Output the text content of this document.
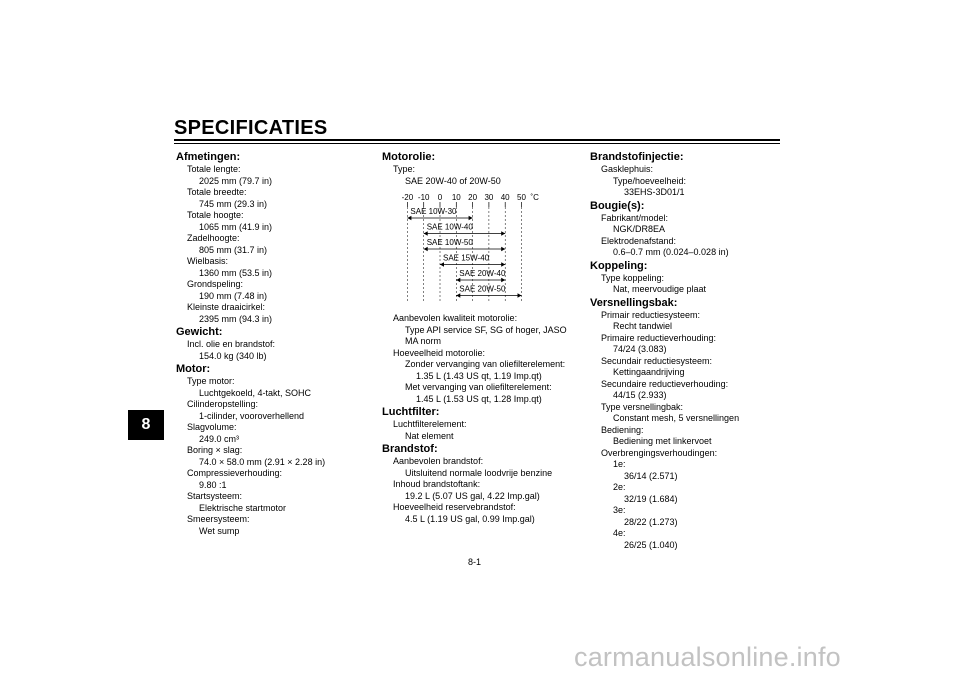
SPECIFICATIES
8
Afmetingen:
Totale lengte:
2025 mm (79.7 in)
Totale breedte:
745 mm (29.3 in)
Totale hoogte:
1065 mm (41.9 in)
Zadelhoogte:
805 mm (31.7 in)
Wielbasis:
1360 mm (53.5 in)
Grondspeling:
190 mm (7.48 in)
Kleinste draaicirkel:
2395 mm (94.3 in)
Gewicht:
Incl. olie en brandstof:
154.0 kg (340 lb)
Motor:
Type motor:
Luchtgekoeld, 4-takt, SOHC
Cilinderopstelling:
1-cilinder, vooroverhellend
Slagvolume:
249.0 cm³
Boring × slag:
74.0 × 58.0 mm (2.91 × 2.28 in)
Compressieverhouding:
9.80 :1
Startsysteem:
Elektrische startmotor
Smeersysteem:
Wet sump
Motorolie:
Type:
SAE 20W-40 of 20W-50
-20 -10 0 10 20 30 40 50 ˚C
SAE 10W-30
SAE 10W-40
SAE 10W-50
SAE 15W-40
SAE 20W-40
SAE 20W-50
Aanbevolen kwaliteit motorolie:
Type API service SF, SG of hoger, JASO
MA norm
Hoeveelheid motorolie:
Zonder vervanging van oliefilterelement:
1.35 L (1.43 US qt, 1.19 Imp.qt)
Met vervanging van oliefilterelement:
1.45 L (1.53 US qt, 1.28 Imp.qt)
Luchtfilter:
Luchtfilterelement:
Nat element
Brandstof:
Aanbevolen brandstof:
Uitsluitend normale loodvrije benzine
Inhoud brandstoftank:
19.2 L (5.07 US gal, 4.22 Imp.gal)
Hoeveelheid reservebrandstof:
4.5 L (1.19 US gal, 0.99 Imp.gal)
Brandstofinjectie:
Gasklephuis:
Type/hoeveelheid:
33EHS-3D01/1
Bougie(s):
Fabrikant/model:
NGK/DR8EA
Elektrodenafstand:
0.6–0.7 mm (0.024–0.028 in)
Koppeling:
Type koppeling:
Nat, meervoudige plaat
Versnellingsbak:
Primair reductiesysteem:
Recht tandwiel
Primaire reductieverhouding:
74/24 (3.083)
Secundair reductiesysteem:
Kettingaandrijving
Secundaire reductieverhouding:
44/15 (2.933)
Type versnellingbak:
Constant mesh, 5 versnellingen
Bediening:
Bediening met linkervoet
Overbrengingsverhoudingen:
1e:
36/14 (2.571)
2e:
32/19 (1.684)
3e:
28/22 (1.273)
4e:
26/25 (1.040)
8-1
carmanualsonline.info
